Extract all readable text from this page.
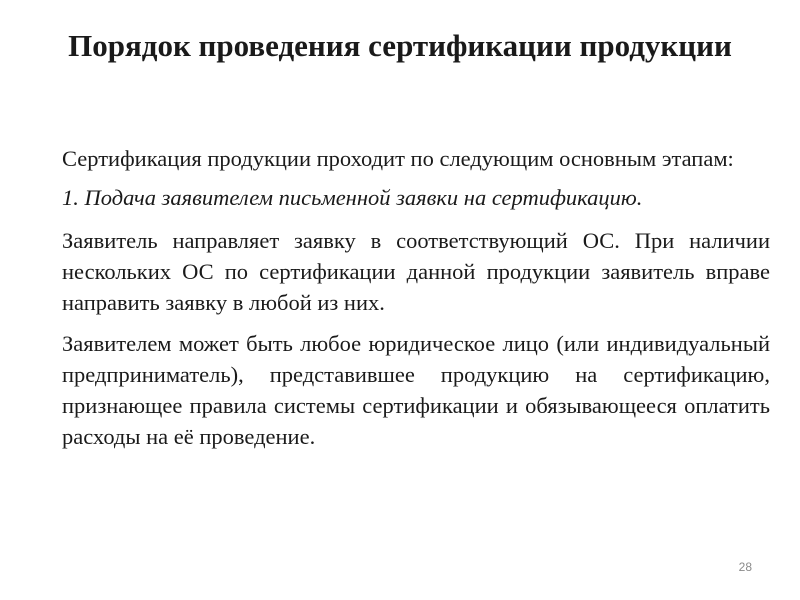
Порядок проведения сертификации продукции

Сертификация продукции проходит по следующим основным этапам:

1. Подача заявителем письменной заявки на сертификацию.

Заявитель направляет заявку в соответствующий ОС. При наличии нескольких ОС по сертификации данной продукции заявитель вправе направить заявку в любой из них.

Заявителем может быть любое юридическое лицо (или индивидуальный предприниматель), представившее продукцию на сертификацию, признающее правила системы сертификации и обязывающееся оплатить расходы на её проведение.

28
